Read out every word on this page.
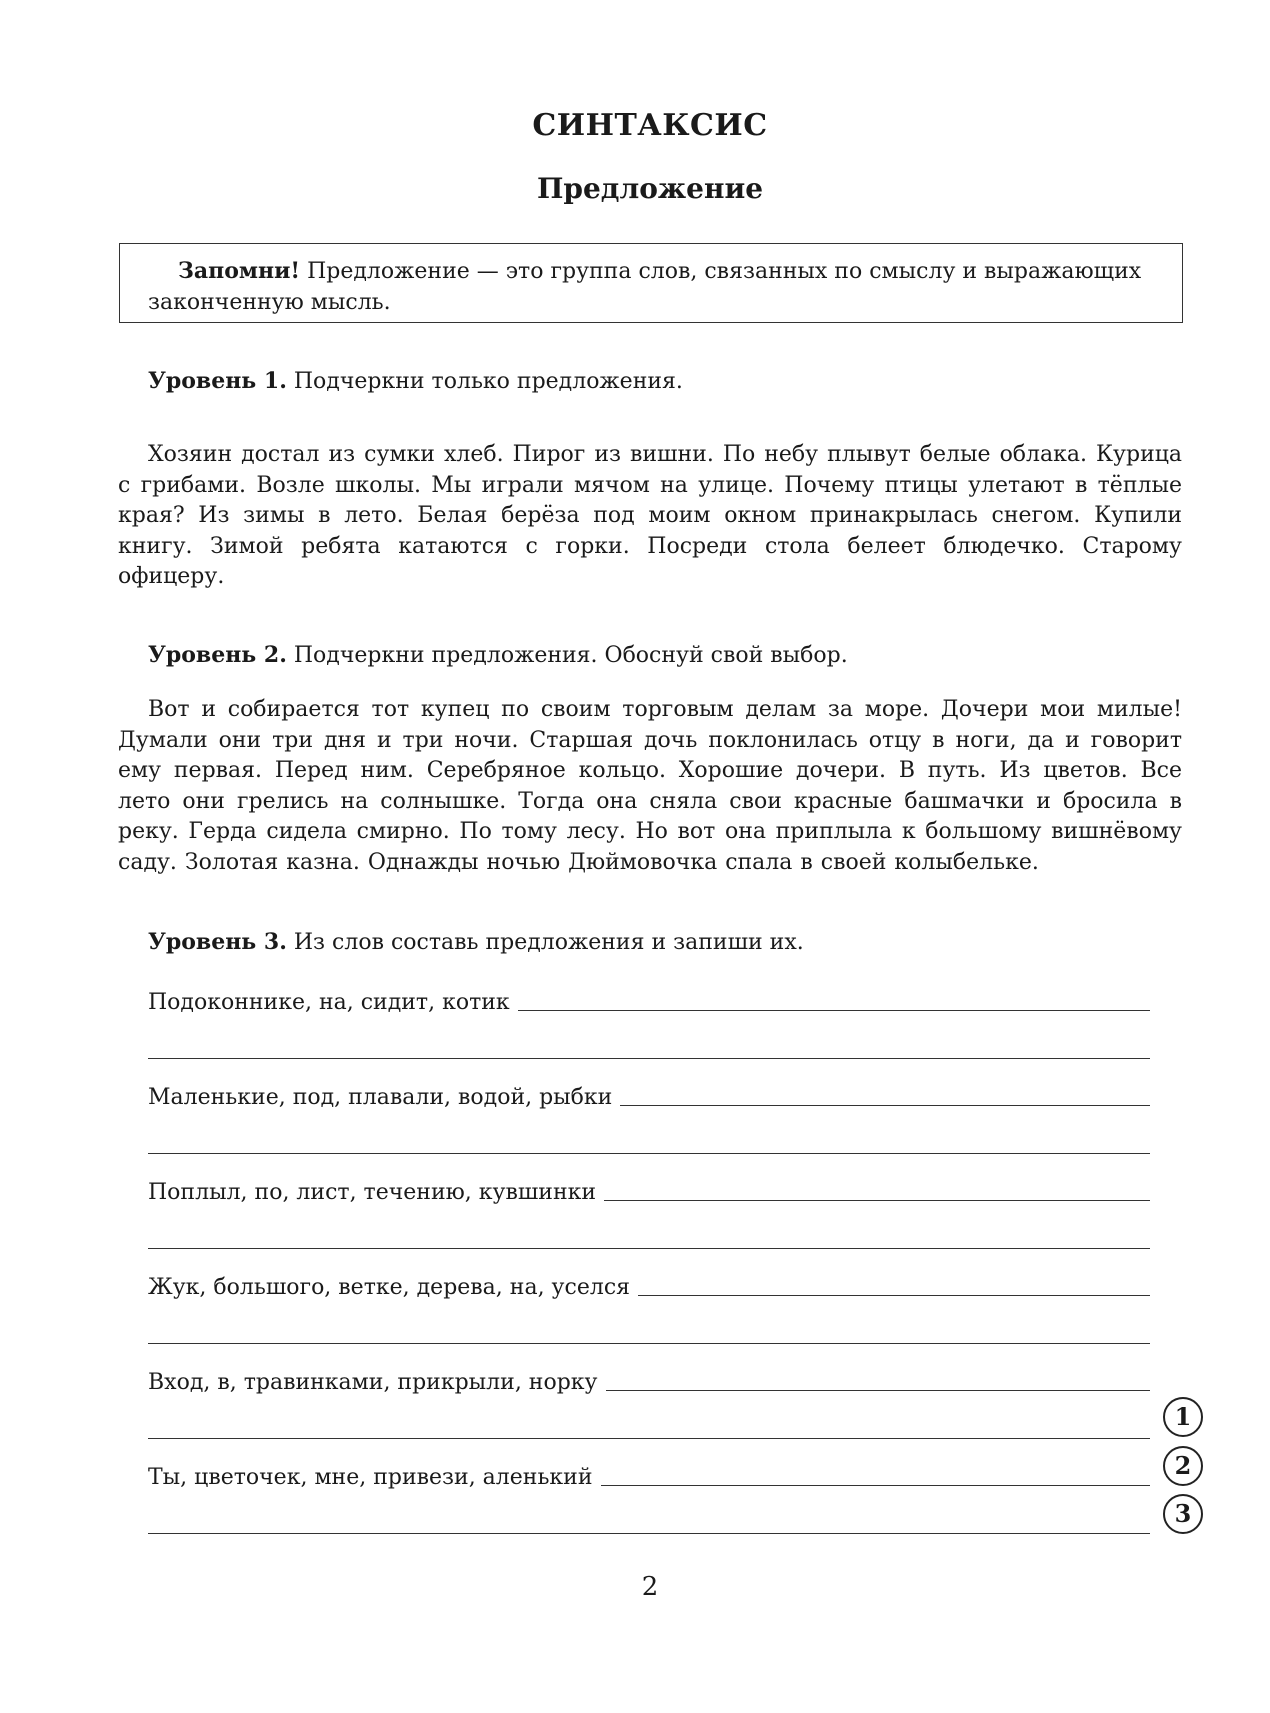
СИНТАКСИС
Предложение
Запомни! Предложение — это группа слов, связанных по смыслу и выражающих законченную мысль.
Уровень 1. Подчеркни только предложения.
Хозяин достал из сумки хлеб. Пирог из вишни. По небу плывут белые облака. Курица с грибами. Возле школы. Мы играли мячом на улице. Почему птицы улетают в тёплые края? Из зимы в лето. Белая берёза под моим окном принакрылась снегом. Купили книгу. Зимой ребята катаются с горки. Посреди стола белеет блюдечко. Старому офицеру.
Уровень 2. Подчеркни предложения. Обоснуй свой выбор.
Вот и собирается тот купец по своим торговым делам за море. Дочери мои милые! Думали они три дня и три ночи. Старшая дочь поклонилась отцу в ноги, да и говорит ему первая. Перед ним. Серебряное кольцо. Хорошие дочери. В путь. Из цветов. Все лето они грелись на солнышке. Тогда она сняла свои красные башмачки и бросила в реку. Герда сидела смирно. По тому лесу. Но вот она приплыла к большому вишнёвому саду. Золотая казна. Однажды ночью Дюймовочка спала в своей колыбельке.
Уровень 3. Из слов составь предложения и запиши их.
Подоконнике, на, сидит, котик
Маленькие, под, плавали, водой, рыбки
Поплыл, по, лист, течению, кувшинки
Жук, большого, ветке, дерева, на, уселся
Вход, в, травинками, прикрыли, норку
Ты, цветочек, мне, привези, аленький
1
2
3
2
